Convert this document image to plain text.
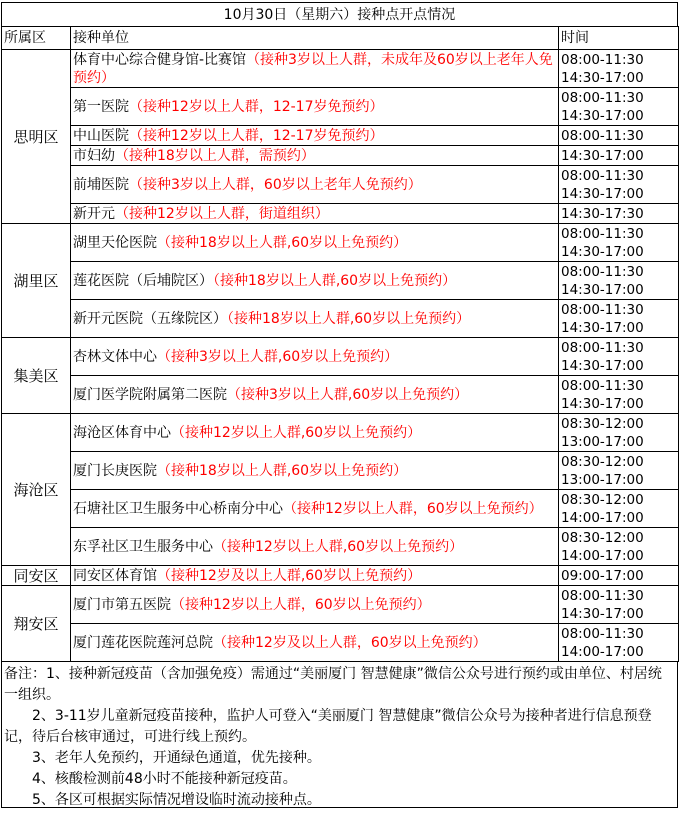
10月30日（星期六）接种点开点情况
所属区	接种单位	时间
思明区	体育中心综合健身馆-比赛馆（接种3岁以上人群，未成年及60岁以上老年人免预约）	08:00-11:30
14:30-17:00

	第一医院（接种12岁以上人群，12-17岁免预约）	08:00-11:30
14:30-17:00

	中山医院（接种12岁以上人群，12-17岁免预约）	08:00-11:30

	市妇幼（接种18岁以上人群，需预约）	14:30-17:00

	前埔医院（接种3岁以上人群，60岁以上老年人免预约）	08:00-11:30
14:30-17:00

	新开元（接种12岁以上人群，街道组织）	14:30-17:30

湖里区	湖里天伦医院（接种18岁以上人群,60岁以上免预约）	08:00-11:30
14:30-17:00

	莲花医院（后埔院区）（接种18岁以上人群,60岁以上免预约）	08:00-11:30
14:30-17:00

	新开元医院（五缘院区）（接种18岁以上人群,60岁以上免预约）	08:00-11:30
14:30-17:00

集美区	杏林文体中心（接种3岁以上人群,60岁以上免预约）	08:00-11:30
14:30-17:00

	厦门医学院附属第二医院（接种3岁以上人群,60岁以上免预约）	08:00-11:30
14:30-17:00

海沧区	海沧区体育中心（接种12岁以上人群,60岁以上免预约）	08:30-12:00
13:00-17:00

	厦门长庚医院（接种18岁以上人群,60岁以上免预约）	08:30-12:00
13:00-17:00

	石塘社区卫生服务中心桥南分中心（接种12岁以上人群，60岁以上免预约）	08:30-12:00
14:00-17:00

	东孚社区卫生服务中心（接种12岁以上人群,60岁以上免预约）	08:30-12:00
14:00-17:00

同安区	同安区体育馆（接种12岁及以上人群,60岁以上免预约）	09:00-17:00

翔安区	厦门市第五医院（接种12岁以上人群，60岁以上免预约）	08:00-11:30
14:30-17:00

	厦门莲花医院莲河总院（接种12岁及以上人群，60岁以上免预约）	08:00-11:30
14:00-17:00

备注：1、接种新冠疫苗（含加强免疫）需通过“美丽厦门 智慧健康”微信公众号进行预约或由单位、村居统一组织。

2、3-11岁儿童新冠疫苗接种，监护人可登入“美丽厦门 智慧健康”微信公众号为接种者进行信息预登记，待后台核审通过，可进行线上预约。

3、老年人免预约，开通绿色通道，优先接种。

4、核酸检测前48小时不能接种新冠疫苗。

5、各区可根据实际情况增设临时流动接种点。
